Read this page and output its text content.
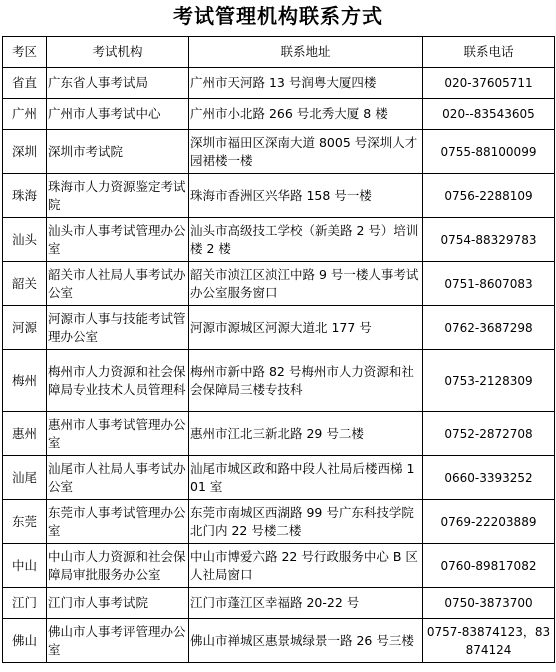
考试管理机构联系方式
考区	考试机构	联系地址	联系电话
省直	广东省人事考试局	广州市天河路 13 号润粤大厦四楼	020-37605711
广州	广州市人事考试中心	广州市小北路 266 号北秀大厦 8 楼	020--83543605
深圳	深圳市考试院	深圳市福田区深南大道 8005 号深圳人才园裙楼一楼	0755-88100099
珠海	珠海市人力资源鉴定考试院	珠海市香洲区兴华路 158 号一楼	0756-2288109
汕头	汕头市人事考试管理办公室	汕头市高级技工学校（新美路 2 号）培训楼 2 楼	0754-88329783
韶关	韶关市人社局人事考试办公室	韶关市浈江区浈江中路 9 号一楼人事考试办公室服务窗口	0751-8607083
河源	河源市人事与技能考试管理办公室	河源市源城区河源大道北 177 号	0762-3687298
梅州	梅州市人力资源和社会保障局专业技术人员管理科	梅州市新中路 82 号梅州市人力资源和社会保障局三楼专技科	0753-2128309
惠州	惠州市人事考试管理办公室	惠州市江北三新北路 29 号二楼	0752-2872708
汕尾	汕尾市人社局人事考试办公室	汕尾市城区政和路中段人社局后楼西梯 101 室	0660-3393252
东莞	东莞市人事考试管理办公室	东莞市南城区西湖路 99 号广东科技学院北门内 22 号楼二楼	0769-22203889
中山	中山市人力资源和社会保障局审批服务办公室	中山市博爱六路 22 号行政服务中心 B 区人社局窗口	0760-89817082
江门	江门市人事考试院	江门市蓬江区幸福路 20-22 号	0750-3873700
佛山	佛山市人事考评管理办公室	佛山市禅城区惠景城绿景一路 26 号三楼	0757-83874123，83874124
